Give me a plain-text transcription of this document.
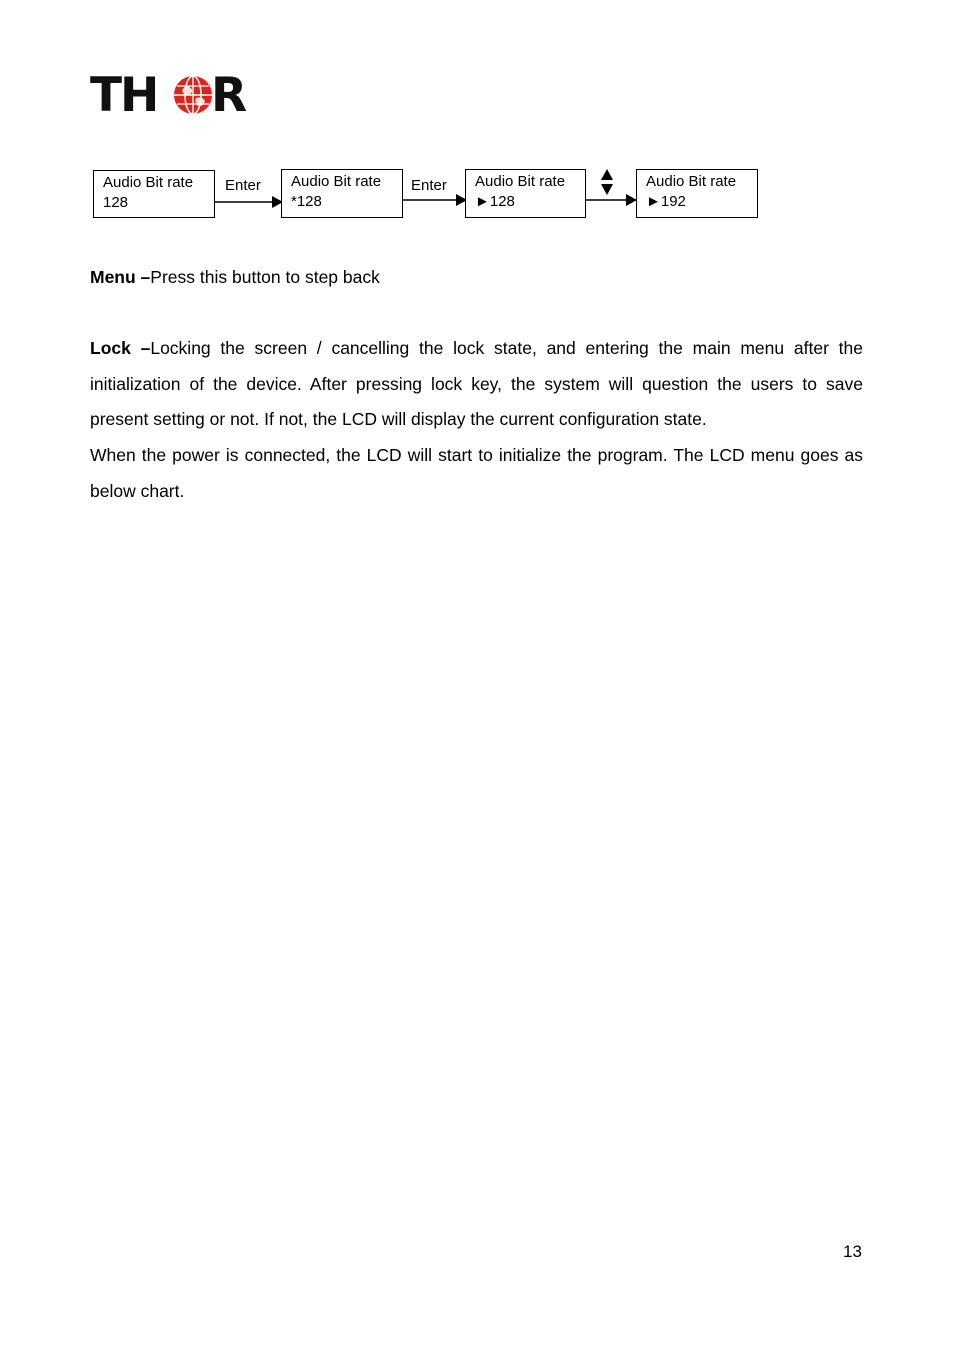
TH R
Audio Bit rate
128
Enter Audio Bit rate
*128
Enter Audio Bit rate
►128
Audio Bit rate
►192
Menu –Press this button to step back
Lock –Locking the screen / cancelling the lock state, and entering the main menu after the initialization of the device. After pressing lock key, the system will question the users to save present setting or not. If not, the LCD will display the current configuration state.
When the power is connected, the LCD will start to initialize the program. The LCD menu goes as below chart.
13
